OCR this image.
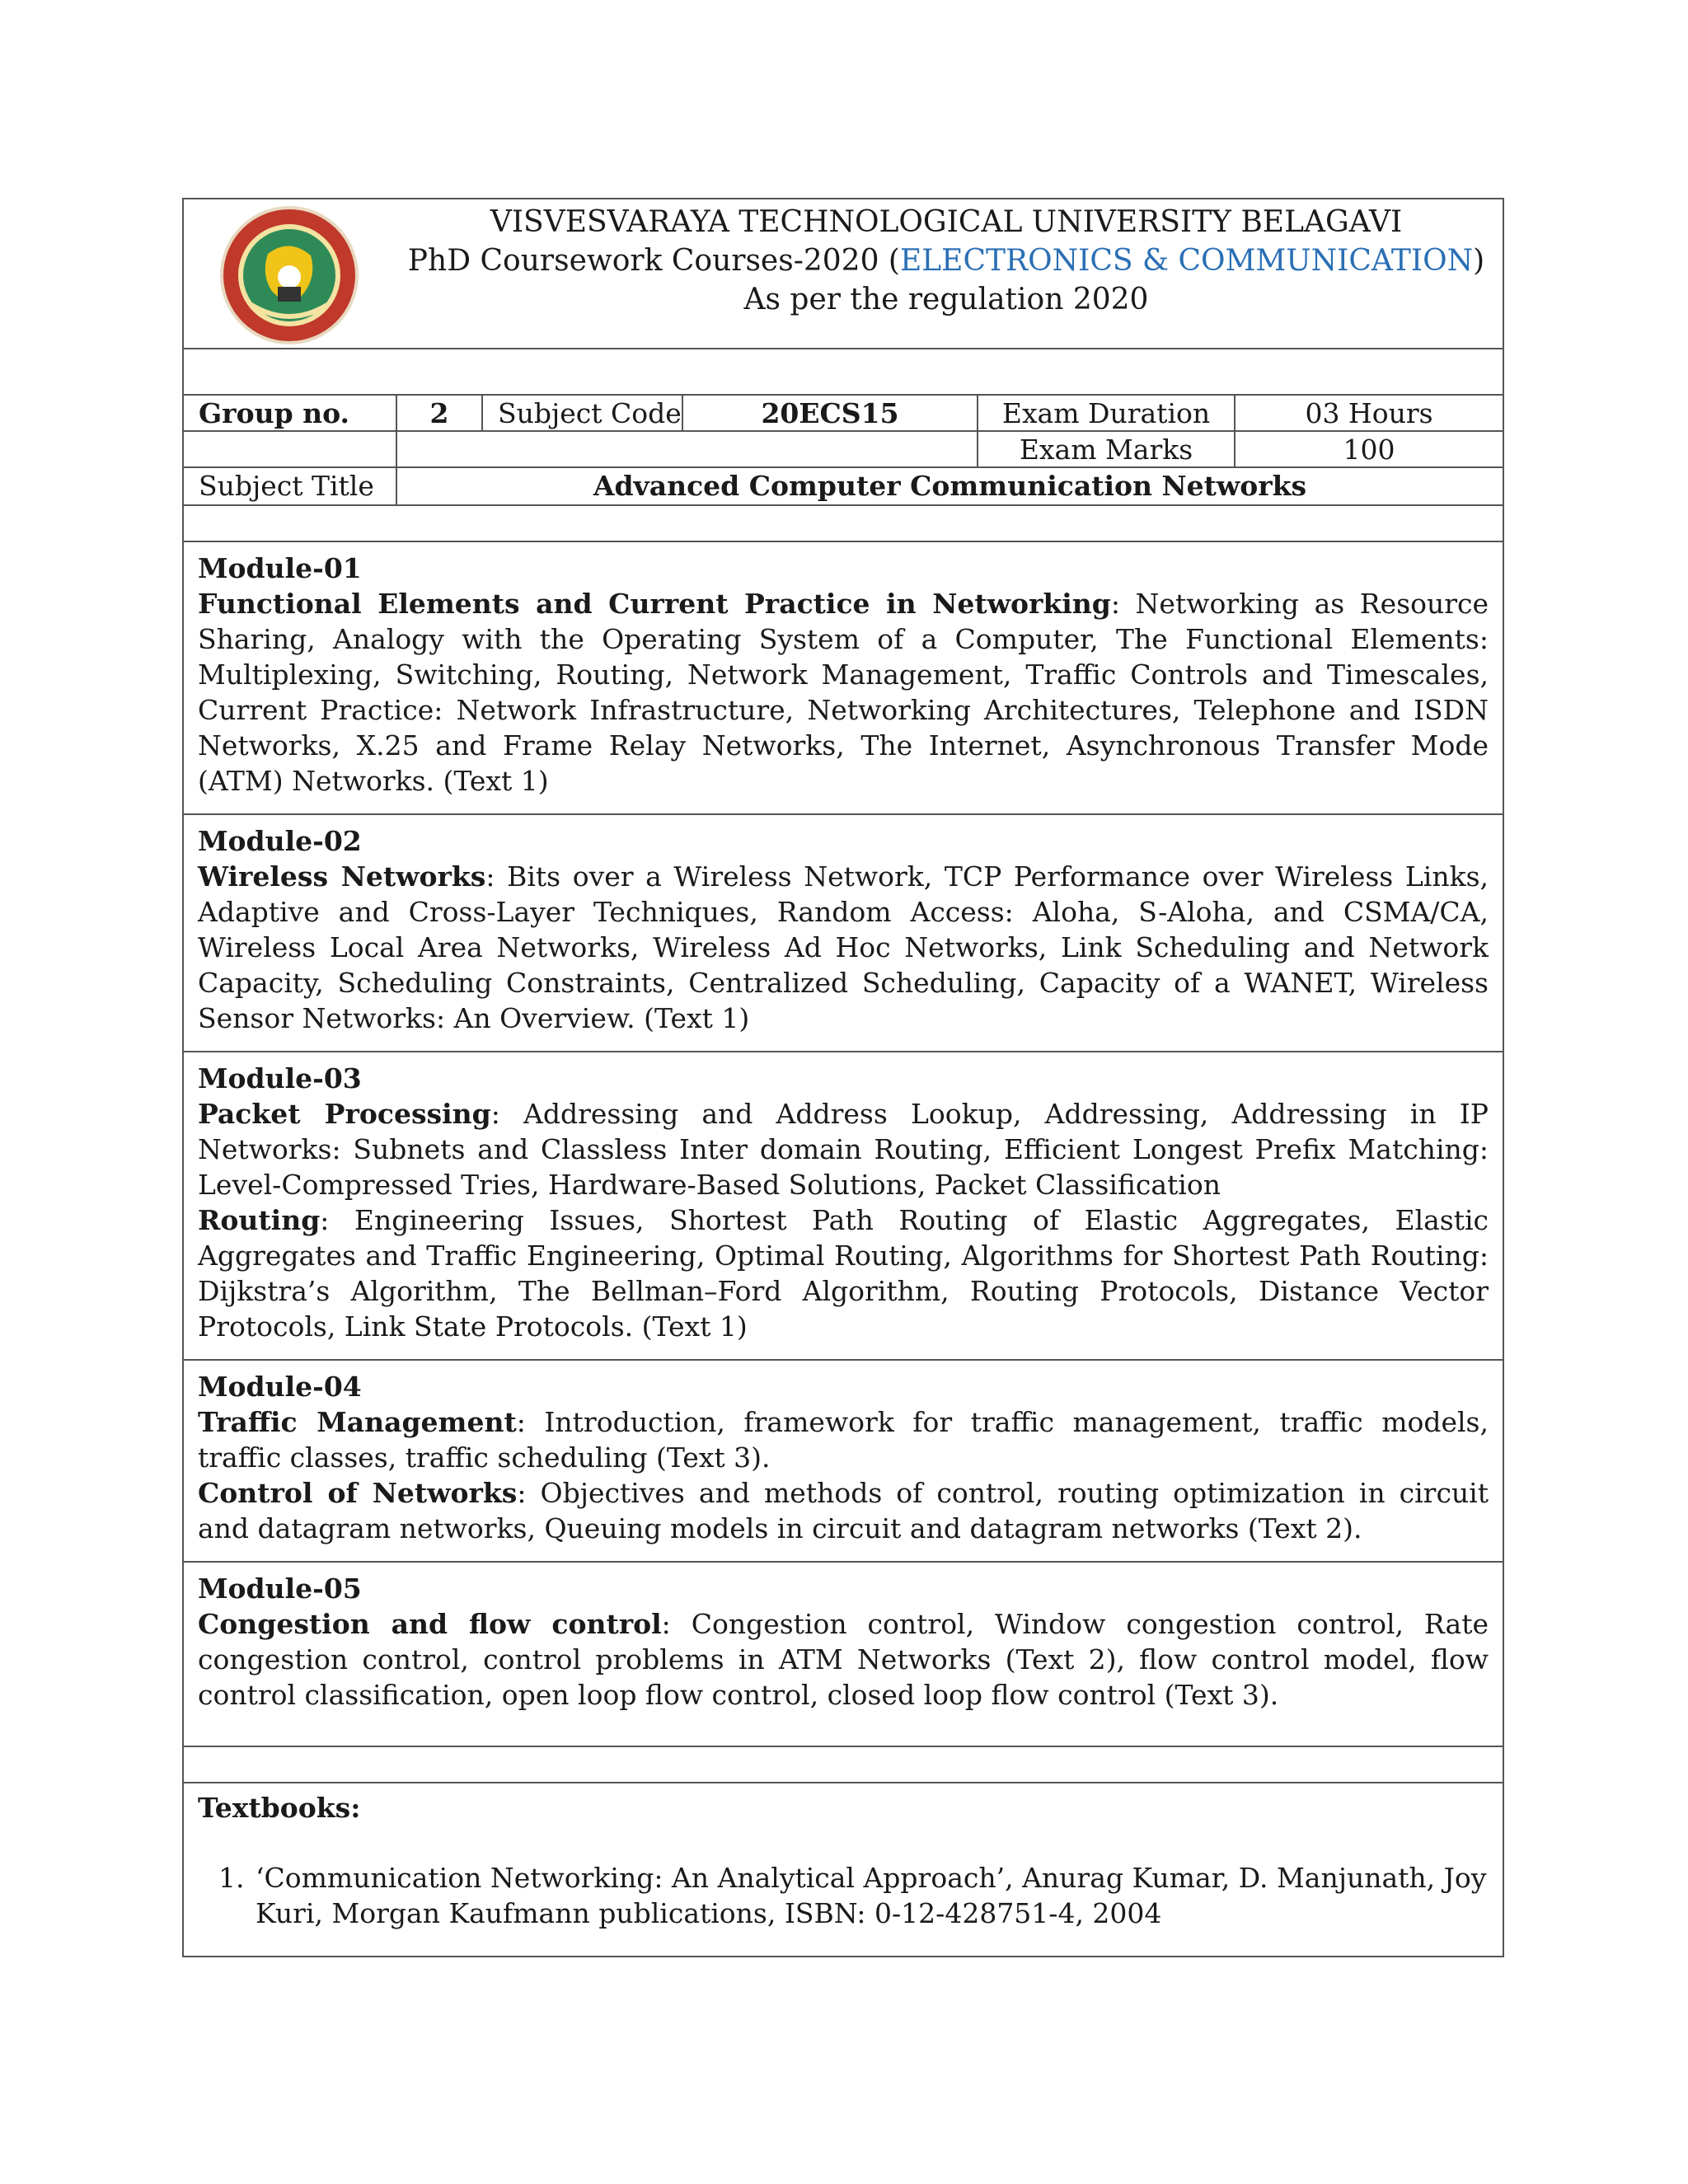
VISVESVARAYA TECHNOLOGICAL UNIVERSITY BELAGAVI
PhD Coursework Courses-2020 (ELECTRONICS & COMMUNICATION)
As per the regulation 2020
Group no.	2	Subject Code	20ECS15	Exam Duration	03 Hours
Exam Marks	100
Subject Title	Advanced Computer Communication Networks
Module-01
Functional Elements and Current Practice in Networking: Networking as Resource Sharing, Analogy with the Operating System of a Computer, The Functional Elements: Multiplexing, Switching, Routing, Network Management, Traffic Controls and Timescales, Current Practice: Network Infrastructure, Networking Architectures, Telephone and ISDN Networks, X.25 and Frame Relay Networks, The Internet, Asynchronous Transfer Mode (ATM) Networks. (Text 1)
Module-02
Wireless Networks: Bits over a Wireless Network, TCP Performance over Wireless Links, Adaptive and Cross-Layer Techniques, Random Access: Aloha, S-Aloha, and CSMA/CA, Wireless Local Area Networks, Wireless Ad Hoc Networks, Link Scheduling and Network Capacity, Scheduling Constraints, Centralized Scheduling, Capacity of a WANET, Wireless Sensor Networks: An Overview. (Text 1)
Module-03
Packet Processing: Addressing and Address Lookup, Addressing, Addressing in IP Networks: Subnets and Classless Inter domain Routing, Efficient Longest Prefix Matching: Level-Compressed Tries, Hardware-Based Solutions, Packet Classification
Routing: Engineering Issues, Shortest Path Routing of Elastic Aggregates, Elastic Aggregates and Traffic Engineering, Optimal Routing, Algorithms for Shortest Path Routing: Dijkstra’s Algorithm, The Bellman–Ford Algorithm, Routing Protocols, Distance Vector Protocols, Link State Protocols. (Text 1)
Module-04
Traffic Management: Introduction, framework for traffic management, traffic models, traffic classes, traffic scheduling (Text 3).
Control of Networks: Objectives and methods of control, routing optimization in circuit and datagram networks, Queuing models in circuit and datagram networks (Text 2).
Module-05
Congestion and flow control: Congestion control, Window congestion control, Rate congestion control, control problems in ATM Networks (Text 2), flow control model, flow control classification, open loop flow control, closed loop flow control (Text 3).
Textbooks:
1. ‘Communication Networking: An Analytical Approach’, Anurag Kumar, D. Manjunath, Joy Kuri, Morgan Kaufmann publications, ISBN: 0-12-428751-4, 2004
